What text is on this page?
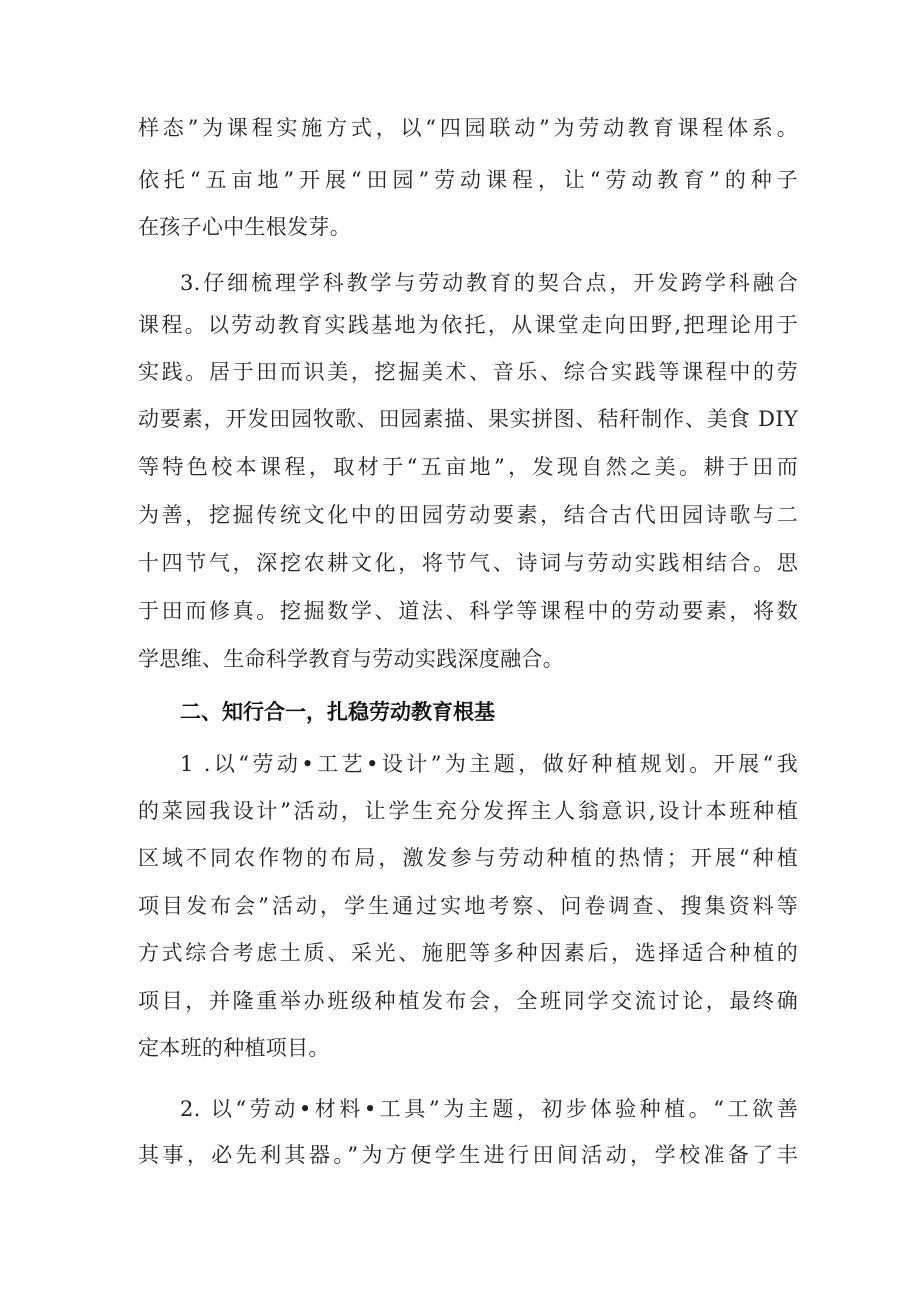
样态”为课程实施方式，以“四园联动”为劳动教育课程体系。

依托“五亩地”开展“田园”劳动课程，让“劳动教育”的种子

在孩子心中生根发芽。

3.仔细梳理学科教学与劳动教育的契合点，开发跨学科融合

课程。以劳动教育实践基地为依托，从课堂走向田野,把理论用于

实践。居于田而识美，挖掘美术、音乐、综合实践等课程中的劳

动要素，开发田园牧歌、田园素描、果实拼图、秸秆制作、美食 DIY

等特色校本课程，取材于“五亩地”，发现自然之美。耕于田而

为善，挖掘传统文化中的田园劳动要素，结合古代田园诗歌与二

十四节气，深挖农耕文化，将节气、诗词与劳动实践相结合。思

于田而修真。挖掘数学、道法、科学等课程中的劳动要素，将数

学思维、生命科学教育与劳动实践深度融合。

二、知行合一，扎稳劳动教育根基

1 .以“劳动•工艺•设计”为主题，做好种植规划。开展“我

的菜园我设计”活动，让学生充分发挥主人翁意识,设计本班种植

区域不同农作物的布局，激发参与劳动种植的热情；开展“种植

项目发布会”活动，学生通过实地考察、问卷调查、搜集资料等

方式综合考虑土质、采光、施肥等多种因素后，选择适合种植的

项目，并隆重举办班级种植发布会，全班同学交流讨论，最终确

定本班的种植项目。

2. 以“劳动•材料•工具”为主题，初步体验种植。“工欲善

其事，必先利其器。”为方便学生进行田间活动，学校准备了丰
